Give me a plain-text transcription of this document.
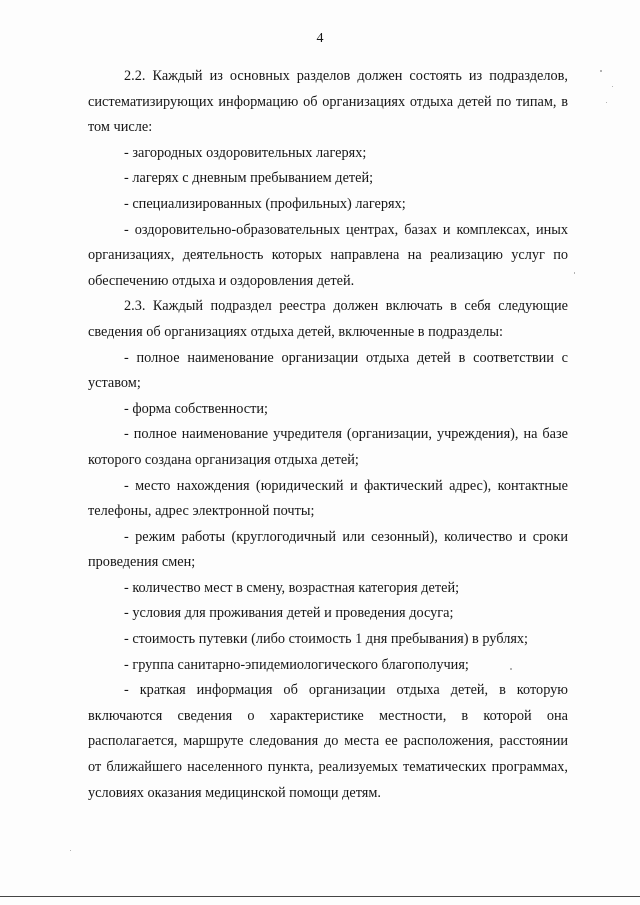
4

2.2. Каждый из основных разделов должен состоять из подразделов, систематизирующих информацию об организациях отдыха детей по типам, в том числе:

- загородных оздоровительных лагерях;

- лагерях с дневным пребыванием детей;

- специализированных (профильных) лагерях;

- оздоровительно-образовательных центрах, базах и комплексах, иных организациях, деятельность которых направлена на реализацию услуг по обеспечению отдыха и оздоровления детей.

2.3. Каждый подраздел реестра должен включать в себя следующие сведения об организациях отдыха детей, включенные в подразделы:

- полное наименование организации отдыха детей в соответствии с уставом;

- форма собственности;

- полное наименование учредителя (организации, учреждения), на базе которого создана организация отдыха детей;

- место нахождения (юридический и фактический адрес), контактные телефоны, адрес электронной почты;

- режим работы (круглогодичный или сезонный), количество и сроки проведения смен;

- количество мест в смену, возрастная категория детей;

- условия для проживания детей и проведения досуга;

- стоимость путевки (либо стоимость 1 дня пребывания) в рублях;

- группа санитарно-эпидемиологического благополучия;

- краткая информация об организации отдыха детей, в которую включаются сведения о характеристике местности, в которой она располагается, маршруте следования до места ее расположения, расстоянии от ближайшего населенного пункта, реализуемых тематических программах, условиях оказания медицинской помощи детям.
